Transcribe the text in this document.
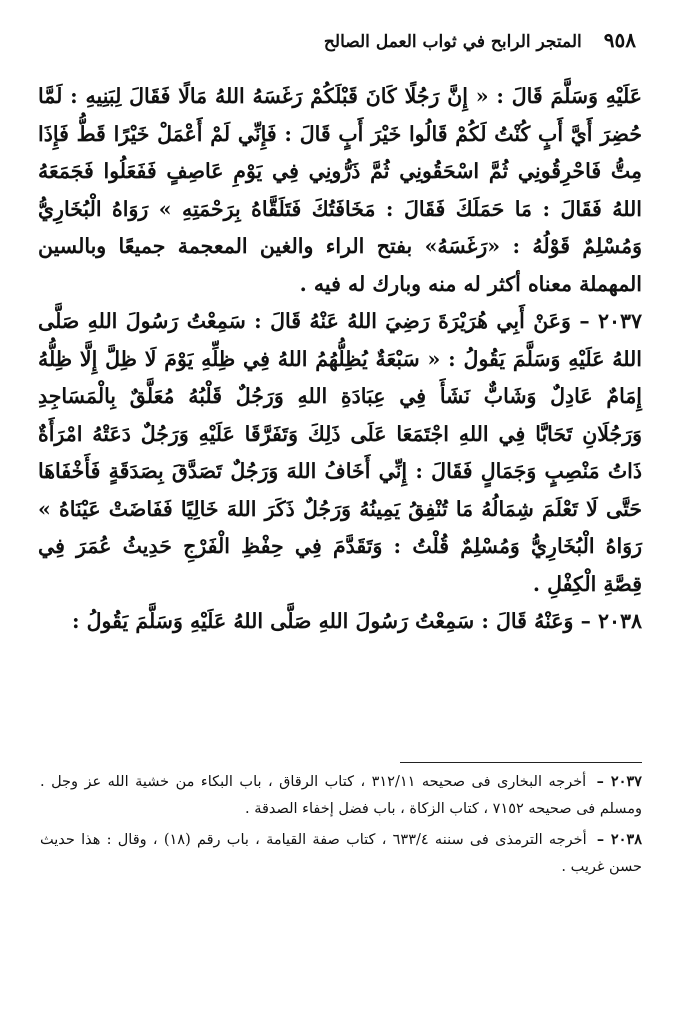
٩٥٨
المتجر الرابح في ثواب العمل الصالح

عَلَيْهِ وَسَلَّمَ قَالَ : « إِنَّ رَجُلًا كَانَ قَبْلَكُمْ رَغَسَهُ اللهُ مَالًا فَقَالَ لِبَنِيهِ : لَمَّا حُضِرَ أَيَّ أَبٍ كُنْتُ لَكُمْ قَالُوا خَيْرَ أَبٍ قَالَ : فَإِنِّي لَمْ أَعْمَلْ خَيْرًا قَطُّ فَإِذَا مِتُّ فَاحْرِقُونِي ثُمَّ اسْحَقُونِي ثُمَّ ذَرُّونِي فِي يَوْمِ عَاصِفٍ فَفَعَلُوا فَجَمَعَهُ اللهُ فَقَالَ : مَا حَمَلَكَ فَقَالَ : مَخَافَتُكَ فَتَلَقَّاهُ بِرَحْمَتِهِ » رَوَاهُ الْبُخَارِيُّ وَمُسْلِمٌ قَوْلُهُ : «رَغَسَهُ» بفتح الراء والغين المعجمة جميعًا وبالسين المهملة معناه أكثر له منه وبارك له فيه .

٢٠٣٧ – وَعَنْ أَبِي هُرَيْرَةَ رَضِيَ اللهُ عَنْهُ قَالَ : سَمِعْتُ رَسُولَ اللهِ صَلَّى اللهُ عَلَيْهِ وَسَلَّمَ يَقُولُ : « سَبْعَةٌ يُظِلُّهُمُ اللهُ فِي ظِلِّهِ يَوْمَ لَا ظِلَّ إِلَّا ظِلُّهُ إِمَامٌ عَادِلٌ وَشَابٌّ نَشَأَ فِي عِبَادَةِ اللهِ وَرَجُلٌ قَلْبُهُ مُعَلَّقٌ بِالْمَسَاجِدِ وَرَجُلَانِ تَحَابَّا فِي اللهِ اجْتَمَعَا عَلَى ذَلِكَ وَتَفَرَّقَا عَلَيْهِ وَرَجُلٌ دَعَتْهُ امْرَأَةٌ ذَاتُ مَنْصِبٍ وَجَمَالٍ فَقَالَ : إِنِّي أَخَافُ اللهَ وَرَجُلٌ تَصَدَّقَ بِصَدَقَةٍ فَأَخْفَاهَا حَتَّى لَا تَعْلَمَ شِمَالُهُ مَا تُنْفِقُ يَمِينُهُ وَرَجُلٌ ذَكَرَ اللهَ خَالِيًا فَفَاضَتْ عَيْنَاهُ » رَوَاهُ الْبُخَارِيُّ وَمُسْلِمٌ قُلْتُ : وَتَقَدَّمَ فِي حِفْظِ الْفَرْجِ حَدِيثُ عُمَرَ فِي قِصَّةِ الْكِفْلِ .

٢٠٣٨ – وَعَنْهُ قَالَ : سَمِعْتُ رَسُولَ اللهِ صَلَّى اللهُ عَلَيْهِ وَسَلَّمَ يَقُولُ :

٢٠٣٧ – أخرجه البخارى فى صحيحه ٣١٢/١١ ، كتاب الرقاق ، باب البكاء من خشية الله عز وجل . ومسلم فى صحيحه ٧١٥٢ ، كتاب الزكاة ، باب فضل إخفاء الصدقة .

٢٠٣٨ – أخرجه الترمذى فى سننه ٦٣٣/٤ ، كتاب صفة القيامة ، باب رقم (١٨) ، وقال : هذا حديث حسن غريب .
